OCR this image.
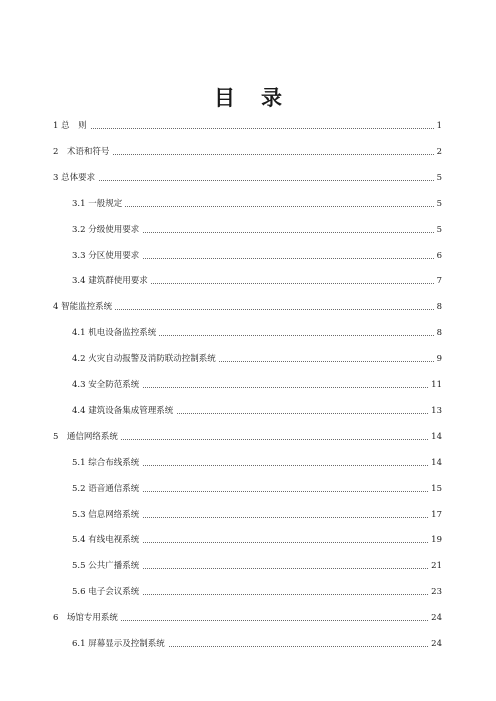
目 录
1 总　则	1
2　术语和符号	2
3 总体要求	5
3.1 一般规定	5
3.2 分级使用要求	5
3.3 分区使用要求	6
3.4 建筑群使用要求	7
4 智能监控系统	8
4.1 机电设备监控系统	8
4.2 火灾自动报警及消防联动控制系统	9
4.3 安全防范系统	11
4.4 建筑设备集成管理系统	13
5　通信网络系统	14
5.1 综合布线系统	14
5.2 语音通信系统	15
5.3 信息网络系统	17
5.4 有线电视系统	19
5.5 公共广播系统	21
5.6 电子会议系统	23
6　场馆专用系统	24
6.1 屏幕显示及控制系统	24
